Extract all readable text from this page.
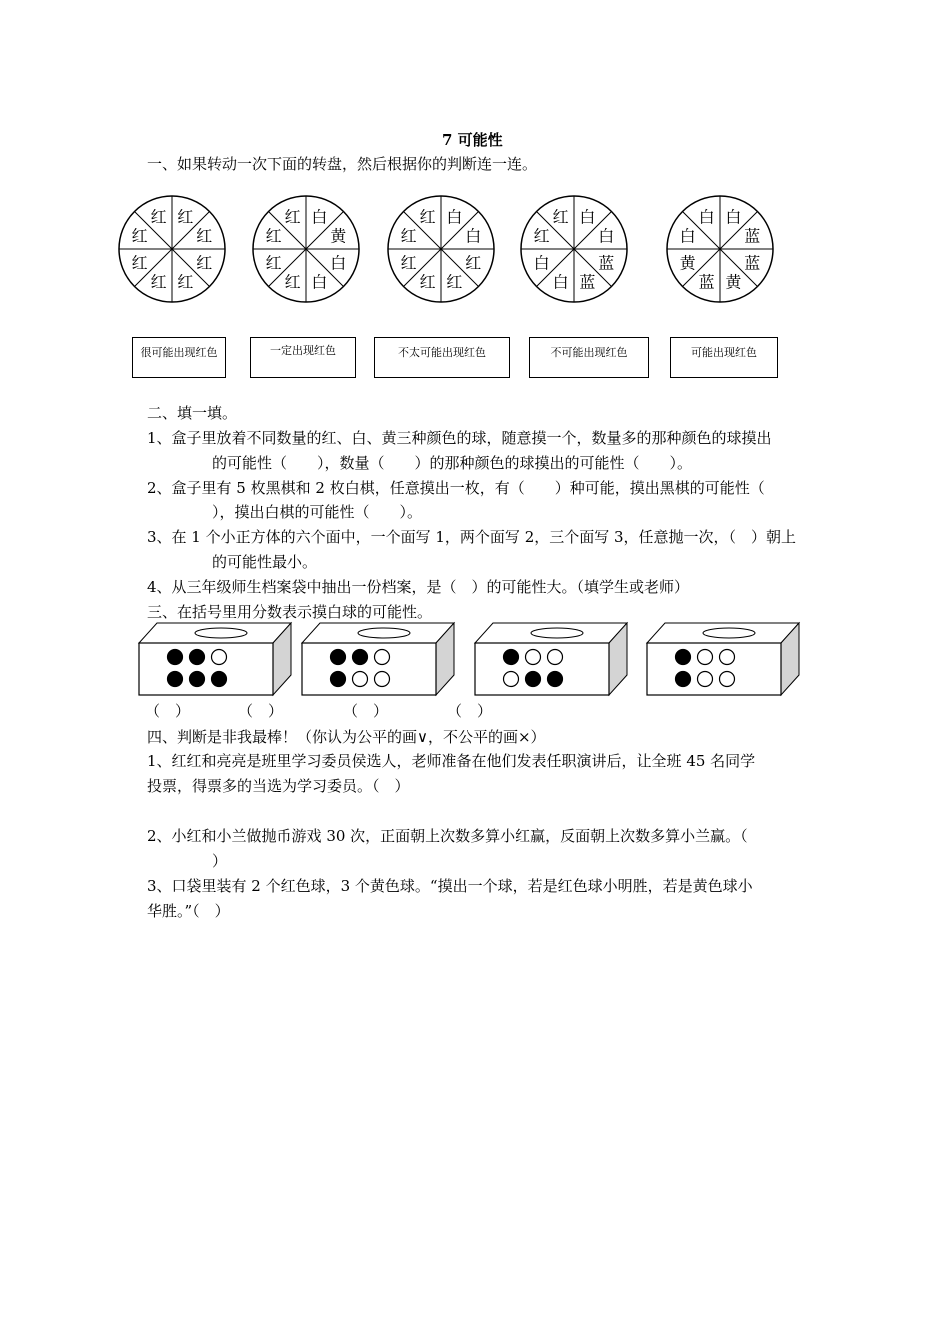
7 可能性
一、如果转动一次下面的转盘，然后根据你的判断连一连。
红 红
红
红
红
红
红
红
红 白
黄
白
白
红
红
红
红 白
白
红
红
红
红
红
红 白
白
蓝
蓝
白
白
红
白 白
蓝
蓝
黄
蓝
黄
白
很可能出现红色	一定出现红色	不太可能出现红色	不可能出现红色	可能出现红色
二、填一填。
1、盒子里放着不同数量的红、白、黄三种颜色的球，随意摸一个，数量多的那种颜色的球摸出
的可能性（　　），数量（　　）的那种颜色的球摸出的可能性（　　）。
2、盒子里有 5 枚黑棋和 2 枚白棋，任意摸出一枚，有（　　）种可能，摸出黑棋的可能性（
），摸出白棋的可能性（　　）。
3、在 1 个小正方体的六个面中，一个面写 1，两个面写 2，三个面写 3，任意抛一次，（　）朝上
的可能性最小。
4、从三年级师生档案袋中抽出一份档案，是（　）的可能性大。（填学生或老师）
三、在括号里用分数表示摸白球的可能性。
（　）	（　）	（　）	（　）
四、判断是非我最棒！（你认为公平的画∨，不公平的画×）
1、红红和亮亮是班里学习委员侯选人，老师准备在他们发表任职演讲后，让全班 45 名同学
投票，得票多的当选为学习委员。（　）
2、小红和小兰做抛币游戏 30 次，正面朝上次数多算小红赢，反面朝上次数多算小兰赢。（
）
3、口袋里装有 2 个红色球，3 个黄色球。“摸出一个球，若是红色球小明胜，若是黄色球小
华胜。”（　）
